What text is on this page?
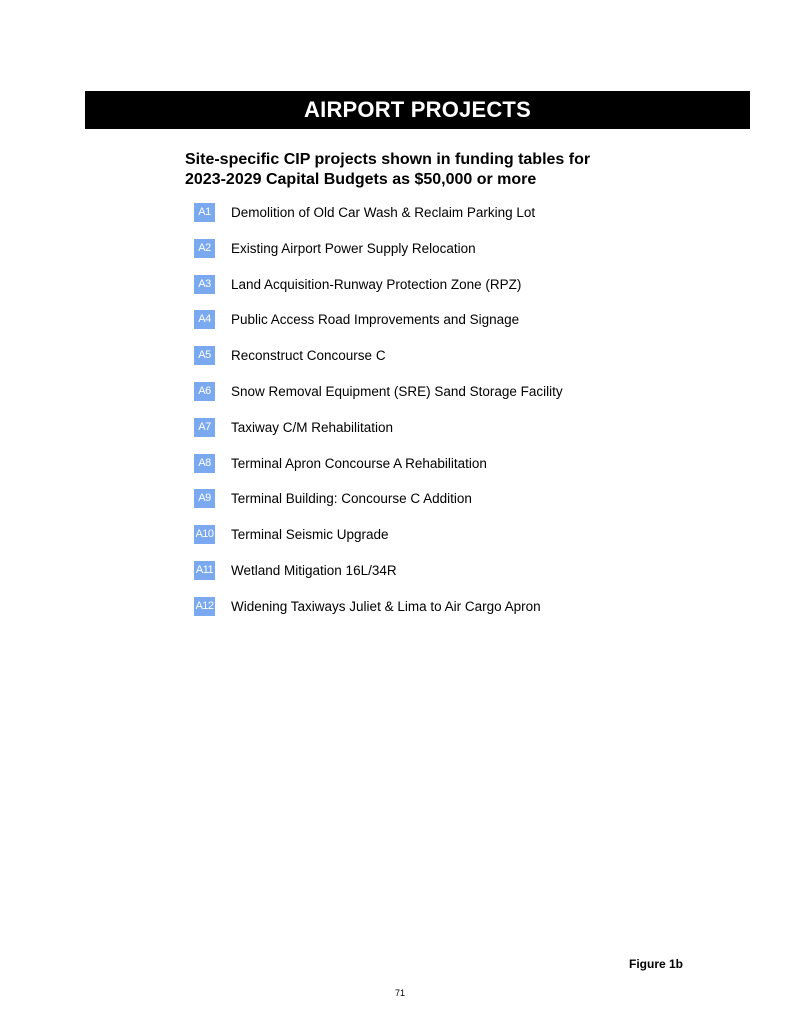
AIRPORT PROJECTS
Site-specific CIP projects shown in funding tables for
2023-2029 Capital Budgets as $50,000 or more
A1	Demolition of Old Car Wash & Reclaim Parking Lot
A2	Existing Airport Power Supply Relocation
A3	Land Acquisition-Runway Protection Zone (RPZ)
A4	Public Access Road Improvements and Signage
A5	Reconstruct Concourse C
A6	Snow Removal Equipment (SRE) Sand Storage Facility
A7	Taxiway C/M Rehabilitation
A8	Terminal Apron Concourse A Rehabilitation
A9	Terminal Building: Concourse C Addition
A10 Terminal Seismic Upgrade
A11 Wetland Mitigation 16L/34R
A12 Widening Taxiways Juliet & Lima to Air Cargo Apron
Figure 1b
71
